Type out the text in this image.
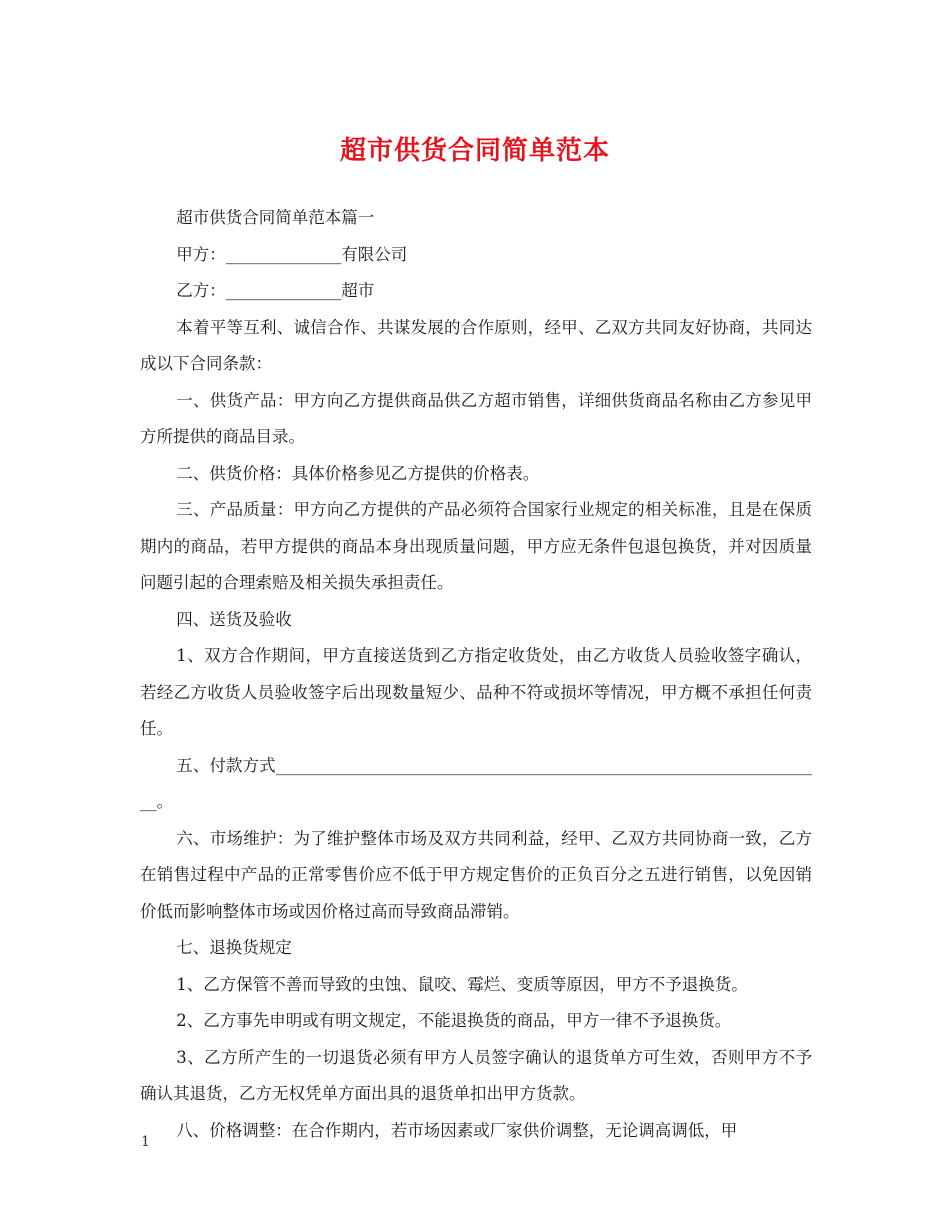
超市供货合同简单范本

超市供货合同简单范本篇一

甲方：______________有限公司

乙方：______________超市

本着平等互利、诚信合作、共谋发展的合作原则，经甲、乙双方共同友好协商，共同达成以下合同条款：

一、供货产品：甲方向乙方提供商品供乙方超市销售，详细供货商品名称由乙方参见甲方所提供的商品目录。

二、供货价格：具体价格参见乙方提供的价格表。

三、产品质量：甲方向乙方提供的产品必须符合国家行业规定的相关标准，且是在保质期内的商品，若甲方提供的商品本身出现质量问题，甲方应无条件包退包换货，并对因质量问题引起的合理索赔及相关损失承担责任。

四、送货及验收

1、双方合作期间，甲方直接送货到乙方指定收货处，由乙方收货人员验收签字确认，若经乙方收货人员验收签字后出现数量短少、品种不符或损坏等情况，甲方概不承担任何责任。

五、付款方式___________________________________________________________________。

六、市场维护：为了维护整体市场及双方共同利益，经甲、乙双方共同协商一致，乙方在销售过程中产品的正常零售价应不低于甲方规定售价的正负百分之五进行销售，以免因销价低而影响整体市场或因价格过高而导致商品滞销。

七、退换货规定

1、乙方保管不善而导致的虫蚀、鼠咬、霉烂、变质等原因，甲方不予退换货。

2、乙方事先申明或有明文规定，不能退换货的商品，甲方一律不予退换货。

3、乙方所产生的一切退货必须有甲方人员签字确认的退货单方可生效，否则甲方不予确认其退货，乙方无权凭单方面出具的退货单扣出甲方货款。

八、价格调整：在合作期内，若市场因素或厂家供价调整，无论调高调低，甲

1
